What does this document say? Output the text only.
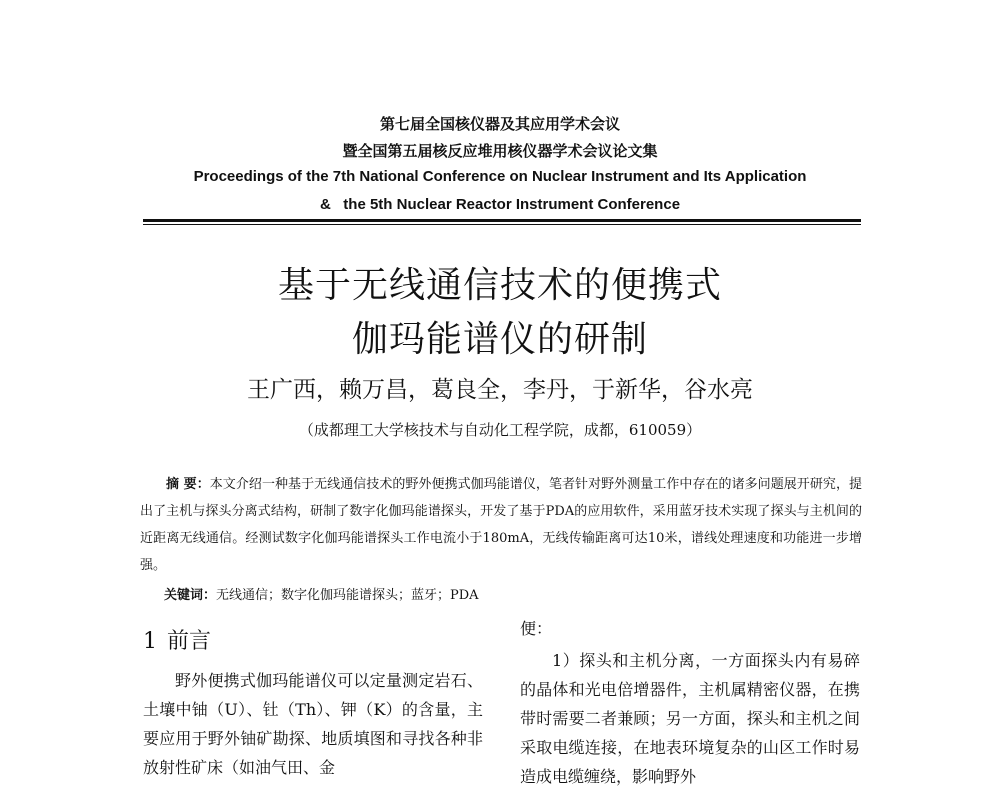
第七届全国核仪器及其应用学术会议
暨全国第五届核反应堆用核仪器学术会议论文集
Proceedings of the 7th National Conference on Nuclear Instrument and Its Application
&   the 5th Nuclear Reactor Instrument Conference
基于无线通信技术的便携式
伽玛能谱仪的研制
王广西，赖万昌，葛良全，李丹，于新华，谷水亮
（成都理工大学核技术与自动化工程学院，成都，610059）
摘 要：本文介绍一种基于无线通信技术的野外便携式伽玛能谱仪，笔者针对野外测量工作中存在的诸多问题展开研究，提出了主机与探头分离式结构，研制了数字化伽玛能谱探头，开发了基于PDA的应用软件，采用蓝牙技术实现了探头与主机间的近距离无线通信。经测试数字化伽玛能谱探头工作电流小于180mA，无线传输距离可达10米，谱线处理速度和功能进一步增强。
关键词：无线通信；数字化伽玛能谱探头；蓝牙；PDA
1 前言

野外便携式伽玛能谱仪可以定量测定岩石、土壤中铀（U）、钍（Th）、钾（K）的含量，主要应用于野外铀矿勘探、地质填图和寻找各种非放射性矿床（如油气田、金

便：

1）探头和主机分离，一方面探头内有易碎的晶体和光电倍增器件，主机属精密仪器，在携带时需要二者兼顾；另一方面，探头和主机之间采取电缆连接，在地表环境复杂的山区工作时易造成电缆缠绕，影响野外
